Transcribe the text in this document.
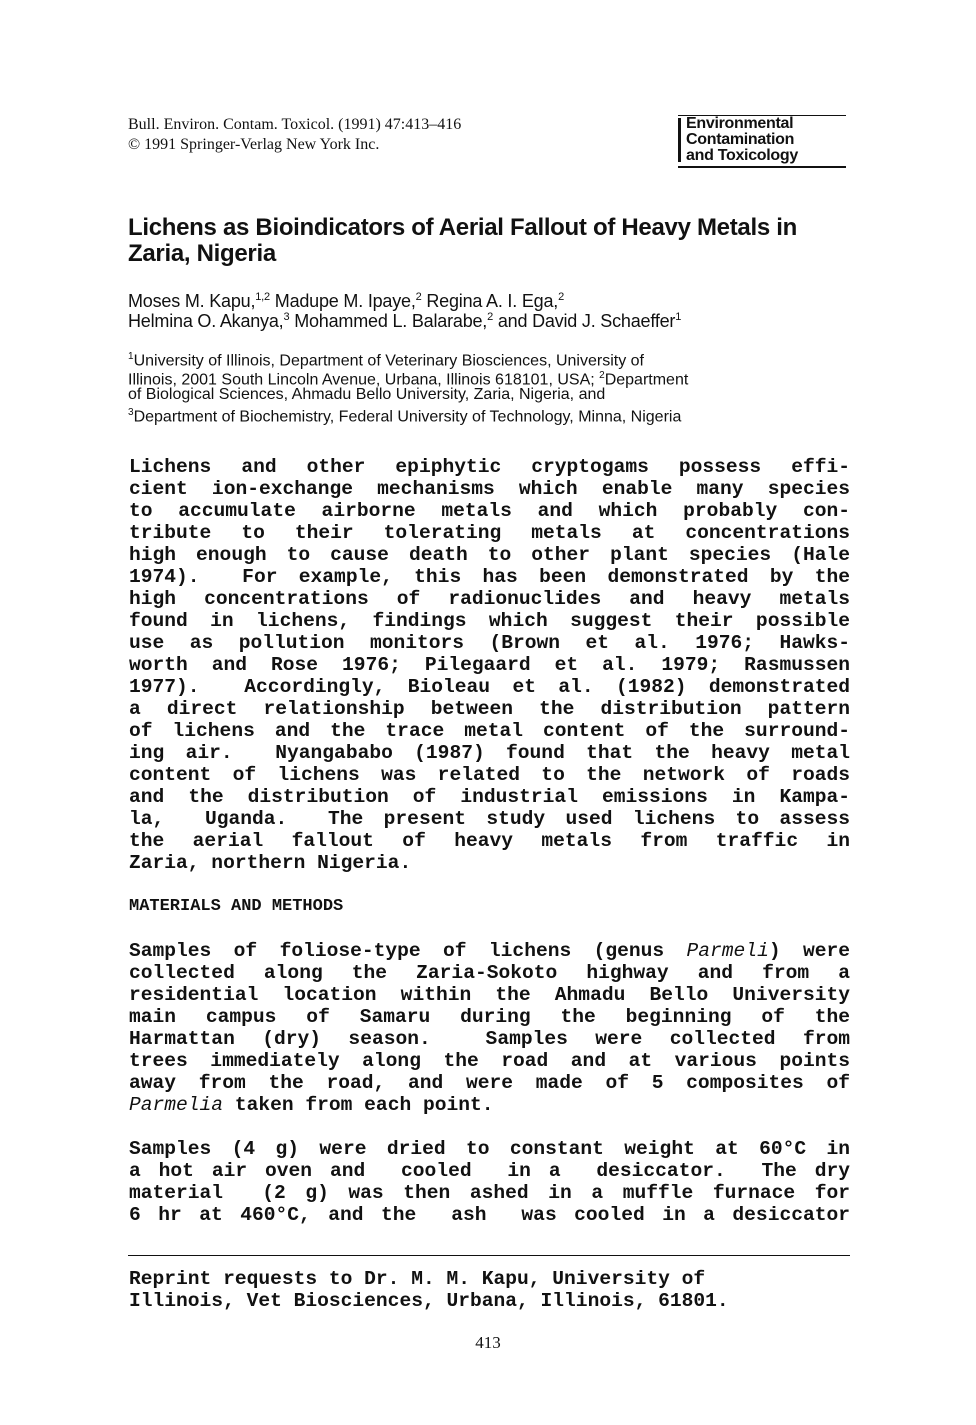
Bull. Environ. Contam. Toxicol. (1991) 47:413–416
© 1991 Springer-Verlag New York Inc.
Environmental
Contamination
and Toxicology
Lichens as Bioindicators of Aerial Fallout of Heavy Metals in Zaria, Nigeria
Moses M. Kapu,$^{1,2}$ Madupe M. Ipaye,$^2$ Regina A. I. Ega,$^2$
Helmina O. Akanya,$^3$ Mohammed L. Balarabe,$^2$ and David J. Schaeffer$^1$
$^1$University of Illinois, Department of Veterinary Biosciences, University of
Illinois, 2001 South Lincoln Avenue, Urbana, Illinois 618101, USA; $^2$Department
of Biological Sciences, Ahmadu Bello University, Zaria, Nigeria, and
$^3$Department of Biochemistry, Federal University of Technology, Minna, Nigeria
Lichens and other epiphytic cryptogams possess effi-
cient ion-exchange mechanisms which enable many species
to accumulate airborne metals and which probably con-
tribute to their tolerating metals at concentrations
high enough to cause death to other plant species (Hale
1974).  For example, this has been demonstrated by the
high concentrations of radionuclides and heavy metals
found in lichens, findings which suggest their possible
use as pollution monitors (Brown et al. 1976; Hawks-
worth and Rose 1976; Pilegaard et al. 1979; Rasmussen
1977).  Accordingly, Bioleau et al. (1982) demonstrated
a direct relationship between the distribution pattern
of lichens and the trace metal content of the surround-
ing air.  Nyangababo (1987) found that the heavy metal
content of lichens was related to the network of roads
and the distribution of industrial emissions in Kampa-
la,  Uganda.  The present study used lichens to assess
the aerial fallout of heavy metals from traffic in
Zaria, northern Nigeria.
MATERIALS AND METHODS
Samples of foliose-type of lichens (genus Parmeli) were
collected along the Zaria-Sokoto highway and from a
residential location within the Ahmadu Bello University
main campus of Samaru during the beginning of the
Harmattan (dry) season.  Samples were collected from
trees immediately along the road and at various points
away from the road, and were made of 5 composites of
Parmelia taken from each point.
Samples (4 g) were dried to constant weight at 60°C in
a hot air oven and  cooled  in a  desiccator.  The dry
material  (2 g) was then ashed in a muffle furnace for
6 hr at 460°C, and the  ash  was cooled in a desiccator
Reprint requests to Dr. M. M. Kapu, University of
Illinois, Vet Biosciences, Urbana, Illinois, 61801.
413
